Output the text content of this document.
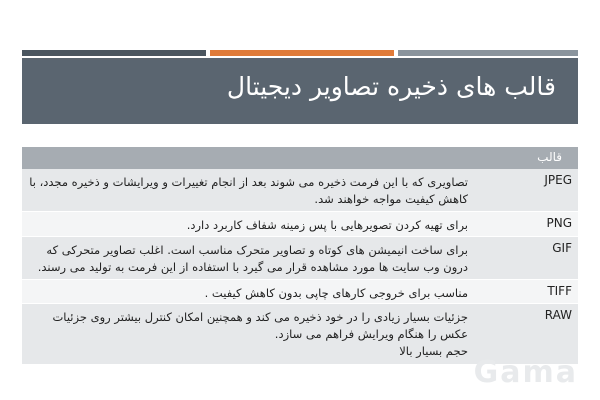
قالب های ذخیره تصاویر دیجیتال
قالب
JPEG
تصاویری که با این فرمت ذخیره می شوند بعد از انجام تغییرات و ویرایشات و ذخیره مجدد، با کاهش کیفیت مواجه خواهند شد.
PNG
برای تهیه کردن تصویرهایی با پس زمینه شفاف کاربرد دارد.
GIF
برای ساخت انیمیشن های کوتاه و تصاویر متحرک مناسب است. اغلب تصاویر متحرکی که درون وب سایت ها مورد مشاهده قرار می گیرد با استفاده از این فرمت به تولید می رسند.
TIFF
مناسب برای خروجی کارهای چاپی بدون کاهش کیفیت .
RAW
جزئیات بسیار زیادی را در خود ذخیره می کند و همچنین امکان کنترل بیشتر روی جزئیات عکس را هنگام ویرایش فراهم می سازد.
حجم بسیار بالا
Gama
